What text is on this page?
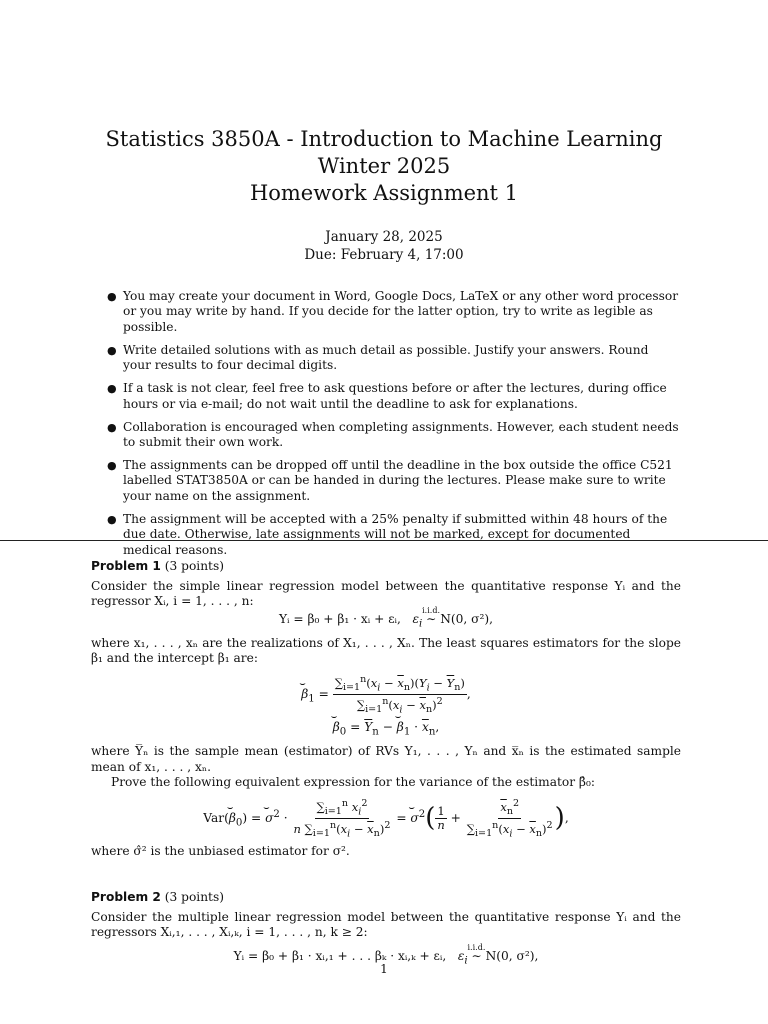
Statistics 3850A - Introduction to Machine Learning
Winter 2025
Homework Assignment 1
January 28, 2025
Due: February 4, 17:00
● You may create your document in Word, Google Docs, LaTeX or any other word processor or you may write by hand. If you decide for the latter option, try to write as legible as possible.
● Write detailed solutions with as much detail as possible. Justify your answers. Round your results to four decimal digits.
● If a task is not clear, feel free to ask questions before or after the lectures, during office hours or via e-mail; do not wait until the deadline to ask for explanations.
● Collaboration is encouraged when completing assignments. However, each student needs to submit their own work.
● The assignments can be dropped off until the deadline in the box outside the office C521 labelled STAT3850A or can be handed in during the lectures. Please make sure to write your name on the assignment.
● The assignment will be accepted with a 25% penalty if submitted within 48 hours of the due date. Otherwise, late assignments will not be marked, except for documented medical reasons.

Problem 1 (3 points)

Consider the simple linear regression model between the quantitative response Yᵢ and the regressor Xᵢ, i = 1, . . . , n:

Yᵢ = β₀ + β₁ · xᵢ + εᵢ, $\varepsilon_i$
i.i.d.
∼ N(0, σ²),

where x₁, . . . , xₙ are the realizations of X₁, . . . , Xₙ. The least squares estimators for the slope β₁ and the intercept β₁ are:

⌢ $\beta_1 = \frac{\sum_{i=1}^n(x_i - \overline{x}_n)(Y_i - \overline{Y}_n)}{\sum_{i=1}^n(x_i - \overline{x}_n)^2}$ ,
⌢ $\beta_0 = \overline{Y}_n$ − ⌢ $\beta_1 \cdot \overline{x}_n$,

where Y̅ₙ is the sample mean (estimator) of RVs Y₁, . . . , Yₙ and x̅ₙ is the estimated sample mean of x₁, . . . , xₙ.

Prove the following equivalent expression for the variance of the estimator β̂₀:

Var(⌢ $\beta_0$) = ⌢ $\sigma^2 \cdot \frac{\sum_{i=1}^n x_i^2}{n \sum_{i=1}^n(x_i - \overline{x}_n)^2}$ = ⌢ $\sigma^2( \frac{1}{n} + \frac{\overline{x}_n^2}{\sum_{i=1}^n(x_i - \overline{x}_n)^2}$ ),

where σ̂² is the unbiased estimator for σ².

Problem 2 (3 points)

Consider the multiple linear regression model between the quantitative response Yᵢ and the regressors Xᵢ,₁, . . . , Xᵢ,ₖ, i = 1, . . . , n, k ≥ 2:

Yᵢ = β₀ + β₁ · xᵢ,₁ + . . . βₖ · xᵢ,ₖ + εᵢ, $\varepsilon_i$
i.i.d.
∼ N(0, σ²),
1
